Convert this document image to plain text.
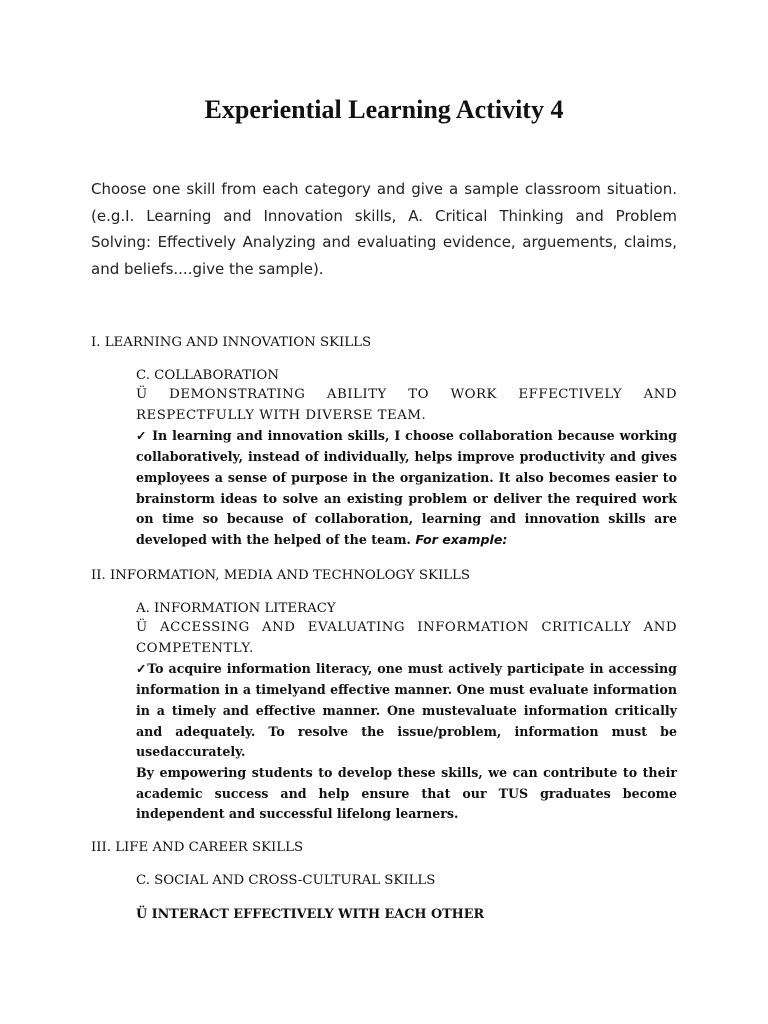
Experiential Learning Activity 4

Choose one skill from each category and give a sample classroom situation. (e.g.I. Learning and Innovation skills, A. Critical Thinking and Problem Solving: Effectively Analyzing and evaluating evidence, arguements, claims, and beliefs....give the sample).

I. LEARNING AND INNOVATION SKILLS

C. COLLABORATION

Ü DEMONSTRATING ABILITY TO WORK EFFECTIVELY AND RESPECTFULLY WITH DIVERSE TEAM.

✓ In learning and innovation skills, I choose collaboration because working collaboratively, instead of individually, helps improve productivity and gives employees a sense of purpose in the organization. It also becomes easier to brainstorm ideas to solve an existing problem or deliver the required work on time so because of collaboration, learning and innovation skills are developed with the helped of the team. For example:

II. INFORMATION, MEDIA AND TECHNOLOGY SKILLS

A. INFORMATION LITERACY

Ü ACCESSING AND EVALUATING INFORMATION CRITICALLY AND COMPETENTLY.

✓To acquire information literacy, one must actively participate in accessing information in a timelyand effective manner. One must evaluate information in a timely and effective manner. One mustevaluate information critically and adequately. To resolve the issue/problem, information must be usedaccurately.

By empowering students to develop these skills, we can contribute to their academic success and help ensure that our TUS graduates become independent and successful lifelong learners.

III. LIFE AND CAREER SKILLS

C. SOCIAL AND CROSS-CULTURAL SKILLS

Ü INTERACT EFFECTIVELY WITH EACH OTHER
